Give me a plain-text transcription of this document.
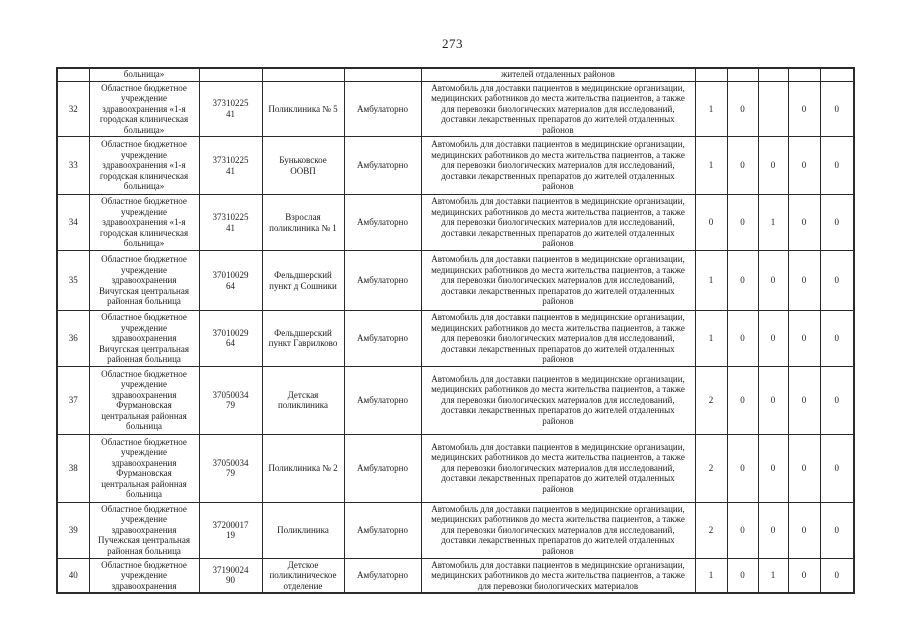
273
	больница»				жителей отдаленных районов					
32	Областное бюджетное учреждение здравоохранения «1-я городская клиническая больница»	3731022541	Поликлиника № 5	Амбулаторно	Автомобиль для доставки пациентов в медицинские организации, медицинских работников до места жительства пациентов, а также для перевозки биологических материалов для исследований, доставки лекарственных препаратов до жителей отдаленных районов	1	0		0	0
33	Областное бюджетное учреждение здравоохранения «1-я городская клиническая больница»	3731022541	Буньковское ООВП	Амбулаторно	Автомобиль для доставки пациентов в медицинские организации, медицинских работников до места жительства пациентов, а также для перевозки биологических материалов для исследований, доставки лекарственных препаратов до жителей отдаленных районов	1	0	0	0	0
34	Областное бюджетное учреждение здравоохранения «1-я городская клиническая больница»	3731022541	Взрослая поликлиника № 1	Амбулаторно	Автомобиль для доставки пациентов в медицинские организации, медицинских работников до места жительства пациентов, а также для перевозки биологических материалов для исследований, доставки лекарственных препаратов до жителей отдаленных районов	0	0	1	0	0
35	Областное бюджетное учреждение здравоохранения Вичугская центральная районная больница	3701002964	Фельдшерский пункт д Сошники	Амбулаторно	Автомобиль для доставки пациентов в медицинские организации, медицинских работников до места жительства пациентов, а также для перевозки биологических материалов для исследований, доставки лекарственных препаратов до жителей отдаленных районов	1	0	0	0	0
36	Областное бюджетное учреждение здравоохранения Вичугская центральная районная больница	3701002964	Фельдшерский пункт Гаврилково	Амбулаторно	Автомобиль для доставки пациентов в медицинские организации, медицинских работников до места жительства пациентов, а также для перевозки биологических материалов для исследований, доставки лекарственных препаратов до жителей отдаленных районов	1	0	0	0	0
37	Областное бюджетное учреждение здравоохранения Фурмановская центральная районная больница	3705003479	Детская поликлиника	Амбулаторно	Автомобиль для доставки пациентов в медицинские организации, медицинских работников до места жительства пациентов, а также для перевозки биологических материалов для исследований, доставки лекарственных препаратов до жителей отдаленных районов	2	0	0	0	0
38	Областное бюджетное учреждение здравоохранения Фурмановская центральная районная больница	3705003479	Поликлиника № 2	Амбулаторно	Автомобиль для доставки пациентов в медицинские организации, медицинских работников до места жительства пациентов, а также для перевозки биологических материалов для исследований, доставки лекарственных препаратов до жителей отдаленных районов	2	0	0	0	0
39	Областное бюджетное учреждение здравоохранения Пучежская центральная районная больница	3720001719	Поликлиника	Амбулаторно	Автомобиль для доставки пациентов в медицинские организации, медицинских работников до места жительства пациентов, а также для перевозки биологических материалов для исследований, доставки лекарственных препаратов до жителей отдаленных районов	2	0	0	0	0
40	Областное бюджетное учреждение здравоохранения	3719002490	Детское поликлиническое отделение	Амбулаторно	Автомобиль для доставки пациентов в медицинские организации, медицинских работников до места жительства пациентов, а также для перевозки биологических материалов	1	0	1	0	0
